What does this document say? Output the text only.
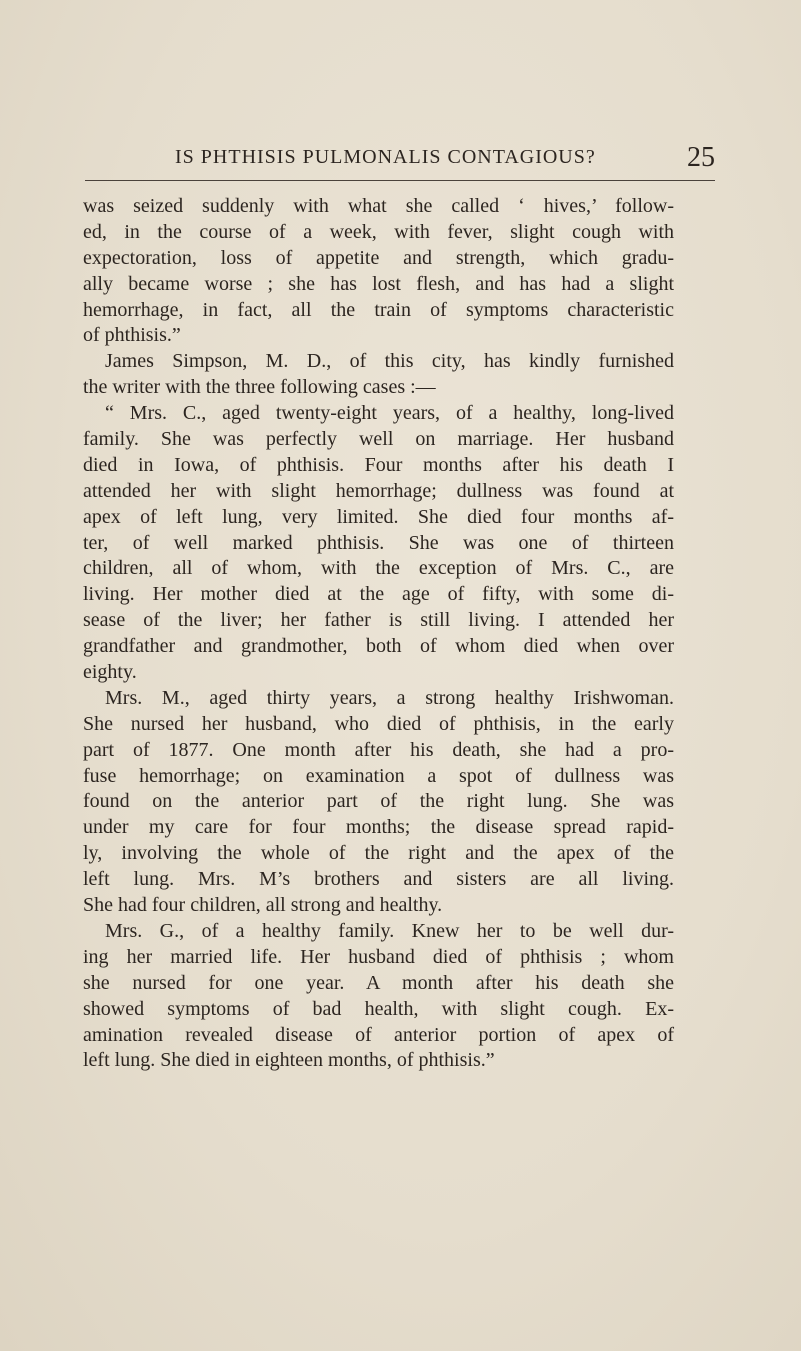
IS PHTHISIS PULMONALIS CONTAGIOUS?	25
was seized suddenly with what she called ‘ hives,’ follow-
ed, in the course of a week, with fever, slight cough with
expectoration, loss of appetite and strength, which gradu-
ally became worse ; she has lost flesh, and has had a slight
hemorrhage, in fact, all the train of symptoms characteristic
of phthisis.”
James Simpson, M. D., of this city, has kindly furnished
the writer with the three following cases :—
“ Mrs. C., aged twenty-eight years, of a healthy, long-lived
family. She was perfectly well on marriage. Her husband
died in Iowa, of phthisis. Four months after his death I
attended her with slight hemorrhage; dullness was found at
apex of left lung, very limited. She died four months af-
ter, of well marked phthisis. She was one of thirteen
children, all of whom, with the exception of Mrs. C., are
living. Her mother died at the age of fifty, with some di-
sease of the liver; her father is still living. I attended her
grandfather and grandmother, both of whom died when over
eighty.
Mrs. M., aged thirty years, a strong healthy Irishwoman.
She nursed her husband, who died of phthisis, in the early
part of 1877. One month after his death, she had a pro-
fuse hemorrhage; on examination a spot of dullness was
found on the anterior part of the right lung. She was
under my care for four months; the disease spread rapid-
ly, involving the whole of the right and the apex of the
left lung. Mrs. M’s brothers and sisters are all living.
She had four children, all strong and healthy.
Mrs. G., of a healthy family. Knew her to be well dur-
ing her married life. Her husband died of phthisis ; whom
she nursed for one year. A month after his death she
showed symptoms of bad health, with slight cough. Ex-
amination revealed disease of anterior portion of apex of
left lung. She died in eighteen months, of phthisis.”
